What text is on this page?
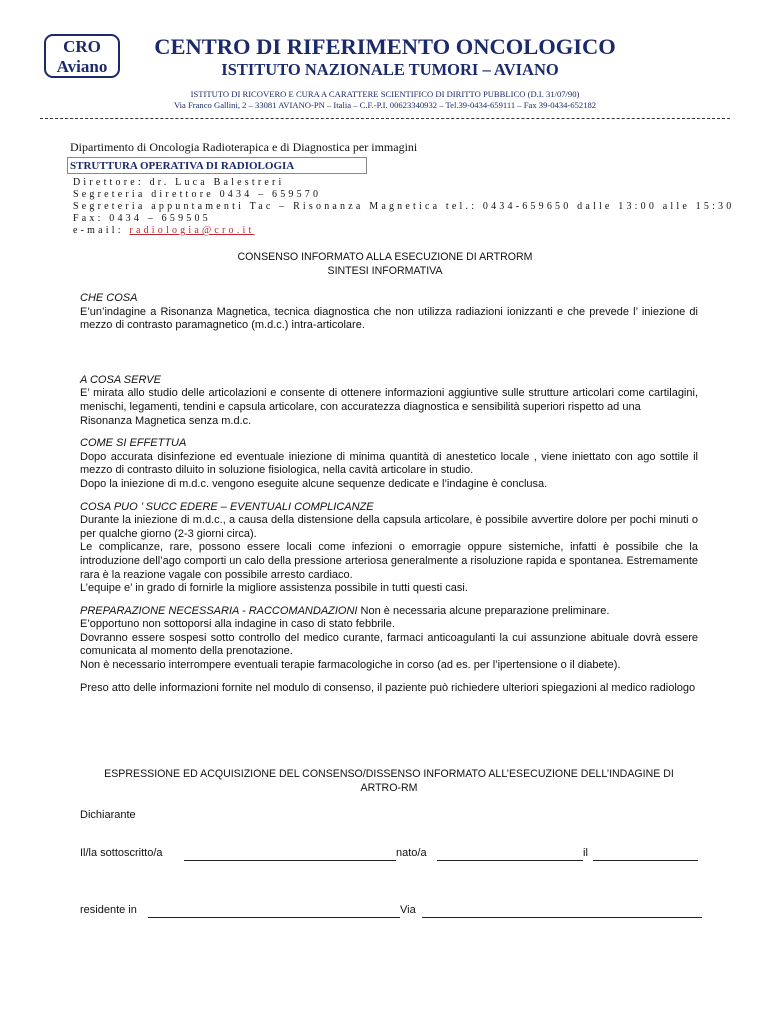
CRO
Aviano
CENTRO DI RIFERIMENTO ONCOLOGICO
ISTITUTO NAZIONALE TUMORI – AVIANO
ISTITUTO DI RICOVERO E CURA A CARATTERE SCIENTIFICO DI DIRITTO PUBBLICO (D.I. 31/07/90)
Via Franco Gallini, 2 – 33081 AVIANO-PN – Italia – C.F.-P.I. 00623340932 – Tel.39-0434-659111 – Fax 39-0434-652182
Dipartimento di Oncologia Radioterapica e di Diagnostica per immagini
STRUTTURA OPERATIVA DI RADIOLOGIA
Direttore: dr. Luca Balestreri
Segreteria direttore 0434 – 659570
Segreteria appuntamenti Tac – Risonanza Magnetica tel.: 0434-659650 dalle 13:00 alle 15:30
Fax: 0434 – 659505
e-mail: radiologia@cro.it
CONSENSO INFORMATO ALLA ESECUZIONE DI ARTRORM
SINTESI INFORMATIVA

CHE COSA

E’un’indagine a Risonanza Magnetica, tecnica diagnostica che non utilizza radiazioni ionizzanti e che prevede l’ iniezione di mezzo di contrasto paramagnetico (m.d.c.) intra-articolare.

A COSA SERVE

E’ mirata allo studio delle articolazioni e consente di ottenere informazioni aggiuntive sulle strutture articolari come cartilagini, menischi, legamenti, tendini e capsula articolare, con accuratezza diagnostica e sensibilità superiori rispetto ad una

Risonanza Magnetica senza m.d.c.

COME SI EFFETTUA

Dopo accurata disinfezione ed eventuale iniezione di minima quantità di anestetico locale , viene iniettato con ago sottile il mezzo di contrasto diluito in soluzione fisiologica, nella cavità articolare in studio.

Dopo la iniezione di m.d.c. vengono eseguite alcune sequenze dedicate e l’indagine è conclusa.

COSA PUO ’ SUCC EDERE – EVENTUALI COMPLICANZE

Durante la iniezione di m.d.c., a causa della distensione della capsula articolare, è possibile avvertire dolore per pochi minuti o per qualche giorno (2-3 giorni circa).

Le complicanze, rare, possono essere locali come infezioni o emorragie oppure sistemiche, infatti è possibile che la introduzione dell’ago comporti un calo della pressione arteriosa generalmente a risoluzione rapida e spontanea. Estremamente rara è la reazione vagale con possibile arresto cardiaco.

L’equipe e’ in grado di fornirle la migliore assistenza possibile in tutti questi casi.

PREPARAZIONE NECESSARIA - RACCOMANDAZIONI Non è necessaria alcune preparazione preliminare.

E’opportuno non sottoporsi alla indagine in caso di stato febbrile.

Dovranno essere sospesi sotto controllo del medico curante, farmaci anticoagulanti la cui assunzione abituale dovrà essere comunicata al momento della prenotazione.

Non è necessario interrompere eventuali terapie farmacologiche in corso (ad es. per l’ipertensione o il diabete).

Preso atto delle informazioni fornite nel modulo di consenso, il paziente può richiedere ulteriori spiegazioni al medico radiologo

ESPRESSIONE ED ACQUISIZIONE DEL CONSENSO/DISSENSO INFORMATO ALL’ESECUZIONE DELL’INDAGINE DI
ARTRO-RM
Dichiarante
Il/la sottoscritto/a	nato/a	il
residente in	Via
